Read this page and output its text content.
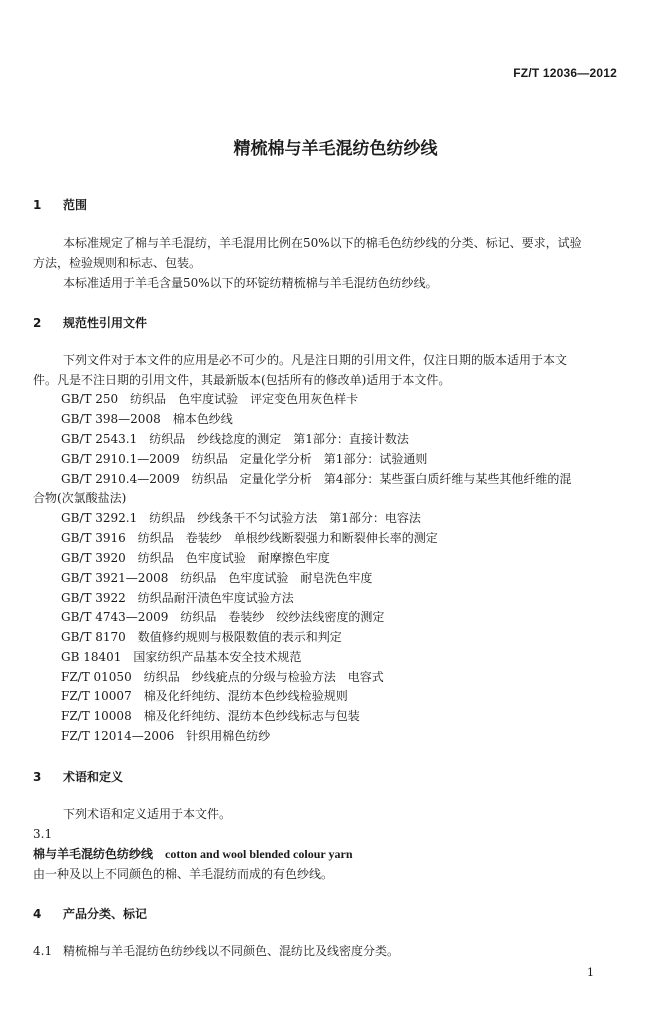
FZ/T 12036—2012
精梳棉与羊毛混纺色纺纱线
1 范围
本标准规定了棉与羊毛混纺，羊毛混用比例在50%以下的棉毛色纺纱线的分类、标记、要求，试验
方法，检验规则和标志、包装。
本标准适用于羊毛含量50%以下的环锭纺精梳棉与羊毛混纺色纺纱线。
2 规范性引用文件
下列文件对于本文件的应用是必不可少的。凡是注日期的引用文件，仅注日期的版本适用于本文
件。凡是不注日期的引用文件，其最新版本(包括所有的修改单)适用于本文件。
GB/T 250　纺织品　色牢度试验　评定变色用灰色样卡
GB/T 398—2008　棉本色纱线
GB/T 2543.1　纺织品　纱线捻度的测定　第1部分：直接计数法
GB/T 2910.1—2009　纺织品　定量化学分析　第1部分：试验通则
GB/T 2910.4—2009　纺织品　定量化学分析　第4部分：某些蛋白质纤维与某些其他纤维的混
合物(次氯酸盐法)
GB/T 3292.1　纺织品　纱线条干不匀试验方法　第1部分：电容法
GB/T 3916　纺织品　卷装纱　单根纱线断裂强力和断裂伸长率的测定
GB/T 3920　纺织品　色牢度试验　耐摩擦色牢度
GB/T 3921—2008　纺织品　色牢度试验　耐皂洗色牢度
GB/T 3922　纺织品耐汗渍色牢度试验方法
GB/T 4743—2009　纺织品　卷装纱　绞纱法线密度的测定
GB/T 8170　数值修约规则与极限数值的表示和判定
GB 18401　国家纺织产品基本安全技术规范
FZ/T 01050　纺织品　纱线疵点的分级与检验方法　电容式
FZ/T 10007　棉及化纤纯纺、混纺本色纱线检验规则
FZ/T 10008　棉及化纤纯纺、混纺本色纱线标志与包装
FZ/T 12014—2006　针织用棉色纺纱
3 术语和定义
下列术语和定义适用于本文件。
3.1
棉与羊毛混纺色纺纱线　 cotton and wool blended colour yarn
由一种及以上不同颜色的棉、羊毛混纺而成的有色纱线。
4 产品分类、标记
4.1 精梳棉与羊毛混纺色纺纱线以不同颜色、混纺比及线密度分类。
1
